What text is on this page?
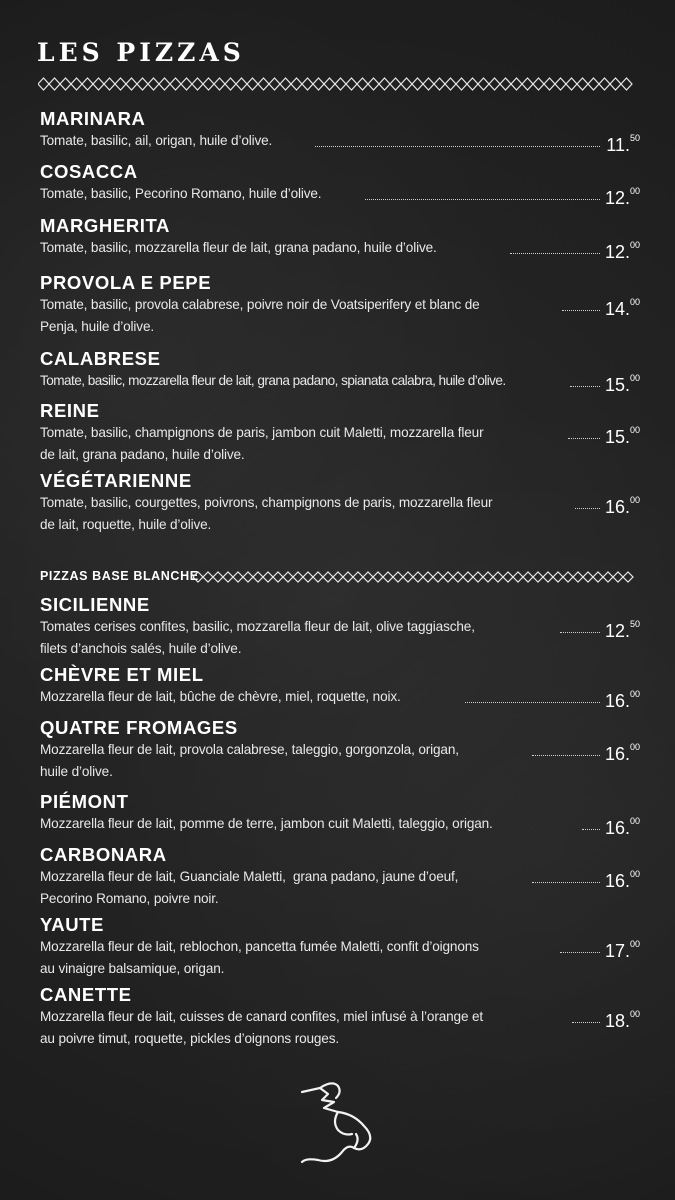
LES PIZZAS
MARINARA
Tomate, basilic, ail, origan, huile d’olive.	11.50
COSACCA
Tomate, basilic, Pecorino Romano, huile d’olive.	12.00
MARGHERITA
Tomate, basilic, mozzarella fleur de lait, grana padano, huile d’olive.	12.00
PROVOLA E PEPE
Tomate, basilic, provola calabrese, poivre noir de Voatsiperifery et blanc de
Penja, huile d’olive.
14.00
CALABRESE
Tomate, basilic, mozzarella fleur de lait, grana padano, spianata calabra, huile d’olive.	15.00
REINE
Tomate, basilic, champignons de paris, jambon cuit Maletti, mozzarella fleur
de lait, grana padano, huile d’olive.
15.00
VÉGÉTARIENNE
Tomate, basilic, courgettes, poivrons, champignons de paris, mozzarella fleur
de lait, roquette, huile d’olive.
16.00
PIZZAS BASE BLANCHE
SICILIENNE
Tomates cerises confites, basilic, mozzarella fleur de lait, olive taggiasche,
filets d’anchois salés, huile d’olive.
12.50
CHÈVRE ET MIEL
Mozzarella fleur de lait, bûche de chèvre, miel, roquette, noix.	16.00
QUATRE FROMAGES
Mozzarella fleur de lait, provola calabrese, taleggio, gorgonzola, origan,
huile d’olive.
16.00
PIÉMONT
Mozzarella fleur de lait, pomme de terre, jambon cuit Maletti, taleggio, origan.	16.00
CARBONARA
Mozzarella fleur de lait, Guanciale Maletti,  grana padano, jaune d’oeuf,
Pecorino Romano, poivre noir.
16.00
YAUTE
Mozzarella fleur de lait, reblochon, pancetta fumée Maletti, confit d’oignons
au vinaigre balsamique, origan.
17.00
CANETTE
Mozzarella fleur de lait, cuisses de canard confites, miel infusé à l’orange et
au poivre timut, roquette, pickles d’oignons rouges.
18.00
